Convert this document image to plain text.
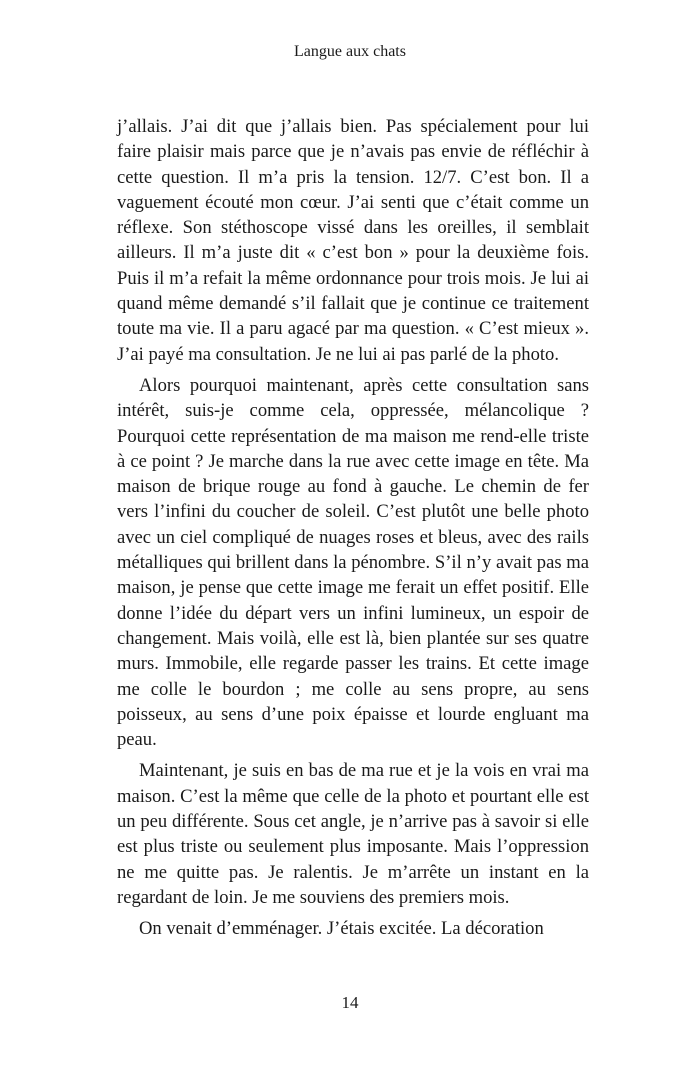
Langue aux chats

j’allais. J’ai dit que j’allais bien. Pas spécialement pour lui faire plaisir mais parce que je n’avais pas envie de réfléchir à cette question. Il m’a pris la tension. 12/7. C’est bon. Il a vaguement écouté mon cœur. J’ai senti que c’était comme un réflexe. Son stéthoscope vissé dans les oreilles, il semblait ailleurs. Il m’a juste dit « c’est bon » pour la deuxième fois. Puis il m’a refait la même ordonnance pour trois mois. Je lui ai quand même demandé s’il fallait que je continue ce traitement toute ma vie. Il a paru agacé par ma question. « C’est mieux ». J’ai payé ma consultation. Je ne lui ai pas parlé de la photo.

Alors pourquoi maintenant, après cette consultation sans intérêt, suis-je comme cela, oppressée, mélancolique ? Pourquoi cette représentation de ma maison me rend-elle triste à ce point ? Je marche dans la rue avec cette image en tête. Ma maison de brique rouge au fond à gauche. Le chemin de fer vers l’infini du coucher de soleil. C’est plutôt une belle photo avec un ciel compliqué de nuages roses et bleus, avec des rails métalliques qui brillent dans la pénombre. S’il n’y avait pas ma maison, je pense que cette image me ferait un effet positif. Elle donne l’idée du départ vers un infini lumineux, un espoir de changement. Mais voilà, elle est là, bien plantée sur ses quatre murs. Immobile, elle regarde passer les trains. Et cette image me colle le bourdon ; me colle au sens propre, au sens poisseux, au sens d’une poix épaisse et lourde engluant ma peau.

Maintenant, je suis en bas de ma rue et je la vois en vrai ma maison. C’est la même que celle de la photo et pourtant elle est un peu différente. Sous cet angle, je n’arrive pas à savoir si elle est plus triste ou seulement plus imposante. Mais l’oppression ne me quitte pas. Je ralentis. Je m’arrête un instant en la regardant de loin. Je me souviens des premiers mois.

On venait d’emménager. J’étais excitée. La décoration

14
